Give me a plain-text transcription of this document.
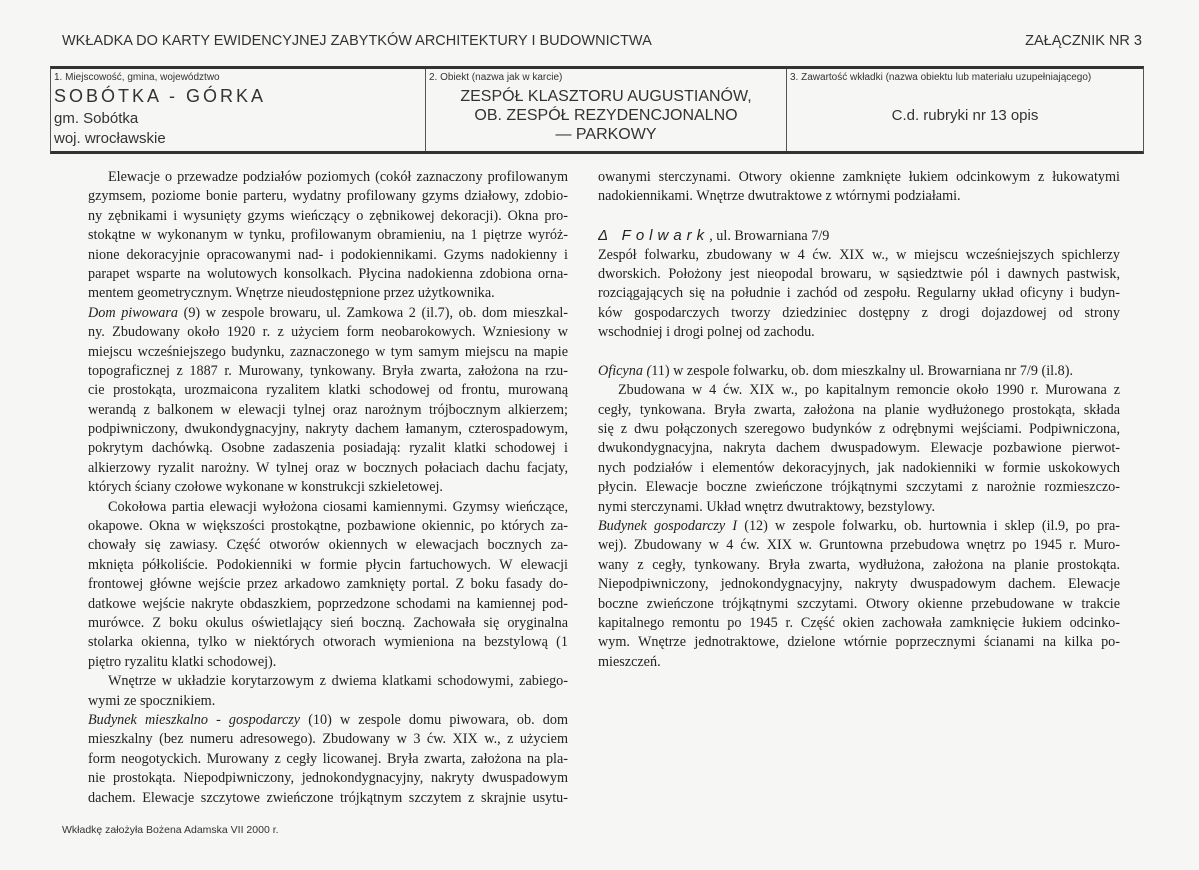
WKŁADKA DO KARTY EWIDENCYJNEJ ZABYTKÓW ARCHITEKTURY I BUDOWNICTWA	ZAŁĄCZNIK NR 3
1. Miejscowość, gmina, województwo
SOBÓTKA - GÓRKA
gm. Sobótka
woj. wrocławskie
2. Obiekt (nazwa jak w karcie)
ZESPÓŁ KLASZTORU AUGUSTIANÓW,
OB. ZESPÓŁ REZYDENCJONALNO
— PARKOWY
3. Zawartość wkładki (nazwa obiektu lub materiału uzupełniającego)
C.d. rubryki nr 13 opis
Elewacje o przewadze podziałów poziomych (cokół zaznaczony profilowanym
gzymsem, poziome bonie parteru, wydatny profilowany gzyms działowy, zdobio-
ny zębnikami i wysunięty gzyms wieńczący o zębnikowej dekoracji). Okna pro-
stokątne w wykonanym w tynku, profilowanym obramieniu, na 1 piętrze wyróż-
nione dekoracyjnie opracowanymi nad- i podokiennikami. Gzyms nadokienny i
parapet wsparte na wolutowych konsolkach. Płycina nadokienna zdobiona orna-
mentem geometrycznym. Wnętrze nieudostępnione przez użytkownika.
Dom piwowara (9) w zespole browaru, ul. Zamkowa 2 (il.7), ob. dom mieszkal-
ny. Zbudowany około 1920 r. z użyciem form neobarokowych. Wzniesiony w
miejscu wcześniejszego budynku, zaznaczonego w tym samym miejscu na mapie
topograficznej z 1887 r. Murowany, tynkowany. Bryła zwarta, założona na rzu-
cie prostokąta, urozmaicona ryzalitem klatki schodowej od frontu, murowaną
werandą z balkonem w elewacji tylnej oraz narożnym trójbocznym alkierzem;
podpiwniczony, dwukondygnacyjny, nakryty dachem łamanym, czterospadowym,
pokrytym dachówką. Osobne zadaszenia posiadają: ryzalit klatki schodowej i
alkierzowy ryzalit narożny. W tylnej oraz w bocznych połaciach dachu facjaty,
których ściany czołowe wykonane w konstrukcji szkieletowej.
Cokołowa partia elewacji wyłożona ciosami kamiennymi. Gzymsy wieńczące,
okapowe. Okna w większości prostokątne, pozbawione okiennic, po których za-
chowały się zawiasy. Część otworów okiennych w elewacjach bocznych za-
mknięta półkoliście. Podokienniki w formie płycin fartuchowych. W elewacji
frontowej główne wejście przez arkadowo zamknięty portal. Z boku fasady do-
datkowe wejście nakryte obdaszkiem, poprzedzone schodami na kamiennej pod-
murówce. Z boku okulus oświetlający sień boczną. Zachowała się oryginalna
stolarka okienna, tylko w niektórych otworach wymieniona na bezstylową (1
piętro ryzalitu klatki schodowej).
Wnętrze w układzie korytarzowym z dwiema klatkami schodowymi, zabiego-
wymi ze spocznikiem.
Budynek mieszkalno - gospodarczy (10) w zespole domu piwowara, ob. dom
mieszkalny (bez numeru adresowego). Zbudowany w 3 ćw. XIX w., z użyciem
form neogotyckich. Murowany z cegły licowanej. Bryła zwarta, założona na pla-
nie prostokąta. Niepodpiwniczony, jednokondygnacyjny, nakryty dwuspadowym
dachem. Elewacje szczytowe zwieńczone trójkątnym szczytem z skrajnie usytu-
owanymi sterczynami. Otwory okienne zamknięte łukiem odcinkowym z łukowatymi
nadokiennikami. Wnętrze dwutraktowe z wtórnymi podziałami.

Δ Folwark, ul. Browarniana 7/9
Zespół folwarku, zbudowany w 4 ćw. XIX w., w miejscu wcześniejszych spichlerzy
dworskich. Położony jest nieopodal browaru, w sąsiedztwie pól i dawnych pastwisk,
rozciągających się na południe i zachód od zespołu. Regularny układ oficyny i budyn-
ków gospodarczych tworzy dziedziniec dostępny z drogi dojazdowej od strony
wschodniej i drogi polnej od zachodu.

Oficyna (11) w zespole folwarku, ob. dom mieszkalny ul. Browarniana nr 7/9 (il.8).
Zbudowana w 4 ćw. XIX w., po kapitalnym remoncie około 1990 r. Murowana z
cegły, tynkowana. Bryła zwarta, założona na planie wydłużonego prostokąta, składa
się z dwu połączonych szeregowo budynków z odrębnymi wejściami. Podpiwniczona,
dwukondygnacyjna, nakryta dachem dwuspadowym. Elewacje pozbawione pierwot-
nych podziałów i elementów dekoracyjnych, jak nadokienniki w formie uskokowych
płycin. Elewacje boczne zwieńczone trójkątnymi szczytami z narożnie rozmieszczo-
nymi sterczynami. Układ wnętrz dwutraktowy, bezstylowy.
Budynek gospodarczy I (12) w zespole folwarku, ob. hurtownia i sklep (il.9, po pra-
wej). Zbudowany w 4 ćw. XIX w. Gruntowna przebudowa wnętrz po 1945 r. Muro-
wany z cegły, tynkowany. Bryła zwarta, wydłużona, założona na planie prostokąta.
Niepodpiwniczony, jednokondygnacyjny, nakryty dwuspadowym dachem. Elewacje
boczne zwieńczone trójkątnymi szczytami. Otwory okienne przebudowane w trakcie
kapitalnego remontu po 1945 r. Część okien zachowała zamknięcie łukiem odcinko-
wym. Wnętrze jednotraktowe, dzielone wtórnie poprzecznymi ścianami na kilka po-
mieszczeń.
Wkładkę założyła Bożena Adamska VII 2000 r.
